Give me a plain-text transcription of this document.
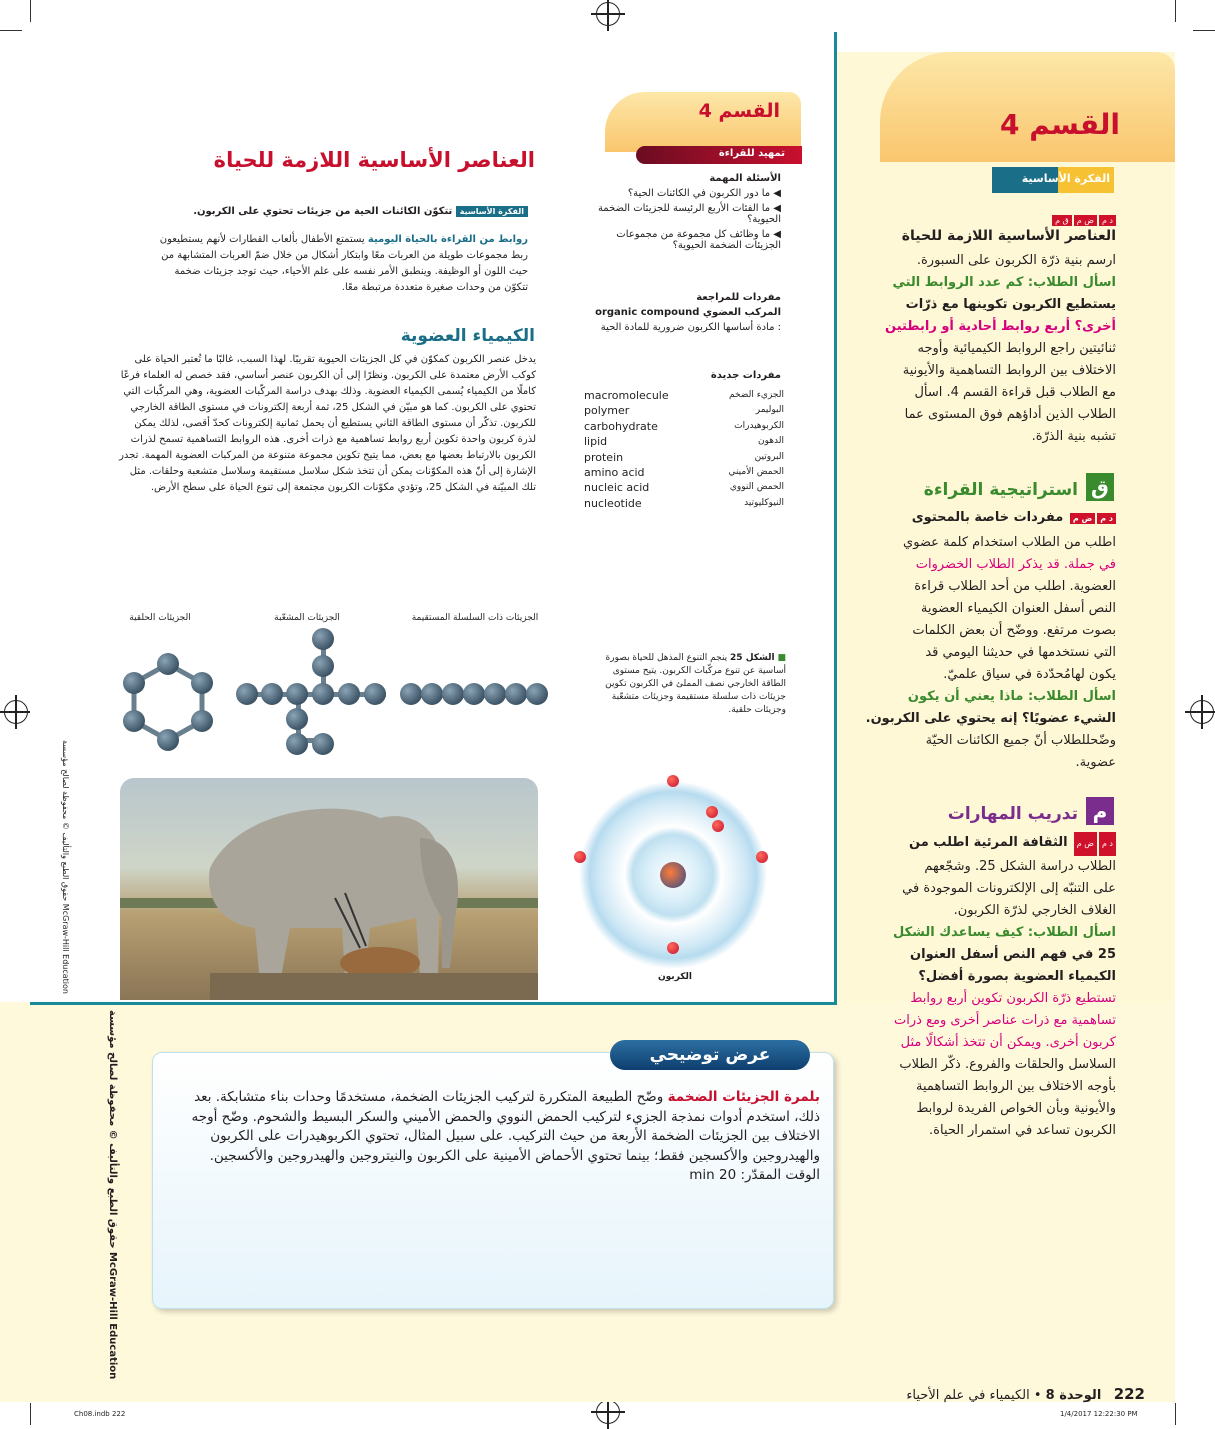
القسم 4
الفكرة الأساسية
د مض مق م
العناصر الأساسية اللازمة للحياة
ارسم بنية ذرّة الكربون على السبورة.
اسأل الطلاب: كم عدد الروابط التي
يستطيع الكربون تكوينها مع ذرّات
أخرى؟ أربع روابط أحادية أو رابطتين
ثنائيتين راجع الروابط الكيميائية وأوجه
الاختلاف بين الروابط التساهمية والأيونية
مع الطلاب قبل قراءة القسم 4. اسأل
الطلاب الذين أداؤهم فوق المستوى عما
تشبه بنية الذرّة.
ق
استراتيجية القراءة
د مض م مفردات خاصة بالمحتوى
اطلب من الطلاب استخدام كلمة عضوي
في جملة. قد يذكر الطلاب الخضروات
العضوية. اطلب من أحد الطلاب قراءة
النص أسفل العنوان الكيمياء العضوية
بصوت مرتفع. ووضّح أن بعض الكلمات
التي نستخدمها في حديثنا اليومي قد
يكون لهامُحدّدة في سياق علميّ.
اسأل الطلاب: ماذا يعني أن يكون
الشيء عضويًا؟ إنه يحتوي على الكربون.
وضّحللطلاب أنّ جميع الكائنات الحيّة
عضوية.
م
تدريب المهارات
د مض م الثقافة المرئية اطلب من
الطلاب دراسة الشكل 25. وشجّعهم
على التنبّه إلى الإلكترونات الموجودة في
الغلاف الخارجي لذرّة الكربون.
اسأل الطلاب: كيف يساعدك الشكل
25 في فهم النص أسفل العنوان
الكيمياء العضوية بصورة أفضل؟
تستطيع ذرّة الكربون تكوين أربع روابط
تساهمية مع ذرات عناصر أخرى ومع ذرات
كربون أخرى. ويمكن أن تتخذ أشكالًا مثل
السلاسل والحلقات والفروع. ذكّر الطلاب
بأوجه الاختلاف بين الروابط التساهمية
والأيونية وبأن الخواص الفريدة لروابط
الكربون تساعد في استمرار الحياة.
القسم 4
تمهيد للقراءة
العناصر الأساسية اللازمة للحياة
الأسئلة المهمة
◀ ما دور الكربون في الكائنات الحية؟
◀ ما الفئات الأربع الرئيسة للجزيئات الضخمة الحيوية؟
◀ ما وظائف كل مجموعة من مجموعات الجزيئات الضخمة الحيوية؟
مفردات للمراجعة
المركب العضوي organic compound
: مادة أساسها الكربون ضرورية للمادة الحية
مفردات جديدة
macromolecule	الجزيء الضخم
polymer	البوليمر
carbohydrate	الكربوهيدرات
lipid	الدهون
protein	البروتين
amino acid	الحمض الأميني
nucleic acid	الحمض النووي
nucleotide	النيوكليوتيد
الفكرة الأساسية تتكوّن الكائنات الحية من جزيئات تحتوي على الكربون.
روابط من القراءة بالحياة اليومية يستمتع الأطفال بألعاب القطارات لأنهم يستطيعون ربط مجموعات طويلة من العربات معًا وابتكار أشكال من خلال ضمّ العربات المتشابهة من حيث اللون أو الوظيفة. وينطبق الأمر نفسه على علم الأحياء، حيث توجد جزيئات ضخمة تتكوّن من وحدات صغيرة متعددة مرتبطة معًا.
الكيمياء العضوية
يدخل عنصر الكربون كمكوّن في كل الجزيئات الحيوية تقريبًا. لهذا السبب، غالبًا ما تُعتبر الحياة على كوكب الأرض معتمدة على الكربون. ونظرًا إلى أن الكربون عنصر أساسي، فقد خصص له العلماء فرعًا كاملًا من الكيمياء يُسمى الكيمياء العضوية. وذلك بهدف دراسة المركّبات العضوية، وهي المركّبات التي تحتوي على الكربون. كما هو مبيّن في الشكل 25، ثمة أربعة إلكترونات في مستوى الطاقة الخارجي للكربون. تذكّر أن مستوى الطاقة الثاني يستطيع أن يحمل ثمانية إلكترونات كحدّ أقصى، لذلك يمكن لذرة كربون واحدة تكوين أربع روابط تساهمية مع ذرات أخرى. هذه الروابط التساهمية تسمح لذرات الكربون بالارتباط بعضها مع بعض، مما يتيح تكوين مجموعة متنوعة من المركبات العضوية المهمة. تجدر الإشارة إلى أنّ هذه المكوّنات يمكن أن تتخذ شكل سلاسل مستقيمة وسلاسل متشعبة وحلقات. مثل تلك المبيّنة في الشكل 25، وتؤدي مكوّنات الكربون مجتمعة إلى تنوع الحياة على سطح الأرض.
الجزيئات الحلقية	الجزيئات المشعّبة	الجزيئات ذات السلسلة المستقيمة
■ الشكل 25 ينجم التنوع المذهل للحياة بصورة أساسية عن تنوع مركّبات الكربون. يتيح مستوى الطاقة الخارجي نصف المملئ في الكربون تكوين جزيئات ذات سلسلة مستقيمة وجزيئات متشعّبة وجزيئات حلقية.
الكربون
حقوق الطبع والتأليف © محفوظة لصالح مؤسسة McGraw-Hill Education
حقوق الطبع والتأليف © محفوظة لصالح مؤسسة McGraw-Hill Education
عرض توضيحي
بلمرة الجزيئات الضخمة وضّح الطبيعة المتكررة لتركيب الجزيئات الضخمة، مستخدمًا وحدات بناء متشابكة. بعد ذلك، استخدم أدوات نمذجة الجزيء لتركيب الحمض النووي والحمض الأميني والسكر البسيط والشحوم. وضّح أوجه الاختلاف بين الجزيئات الضخمة الأربعة من حيث التركيب. على سبيل المثال، تحتوي الكربوهيدرات على الكربون والهيدروجين والأكسجين فقط؛ بينما تحتوي الأحماض الأمينية على الكربون والنيتروجين والهيدروجين والأكسجين. الوقت المقدّر: 20 min
222   الوحدة 8 • الكيمياء في علم الأحياء
Ch08.indb 222	1/4/2017 12:22:30 PM
